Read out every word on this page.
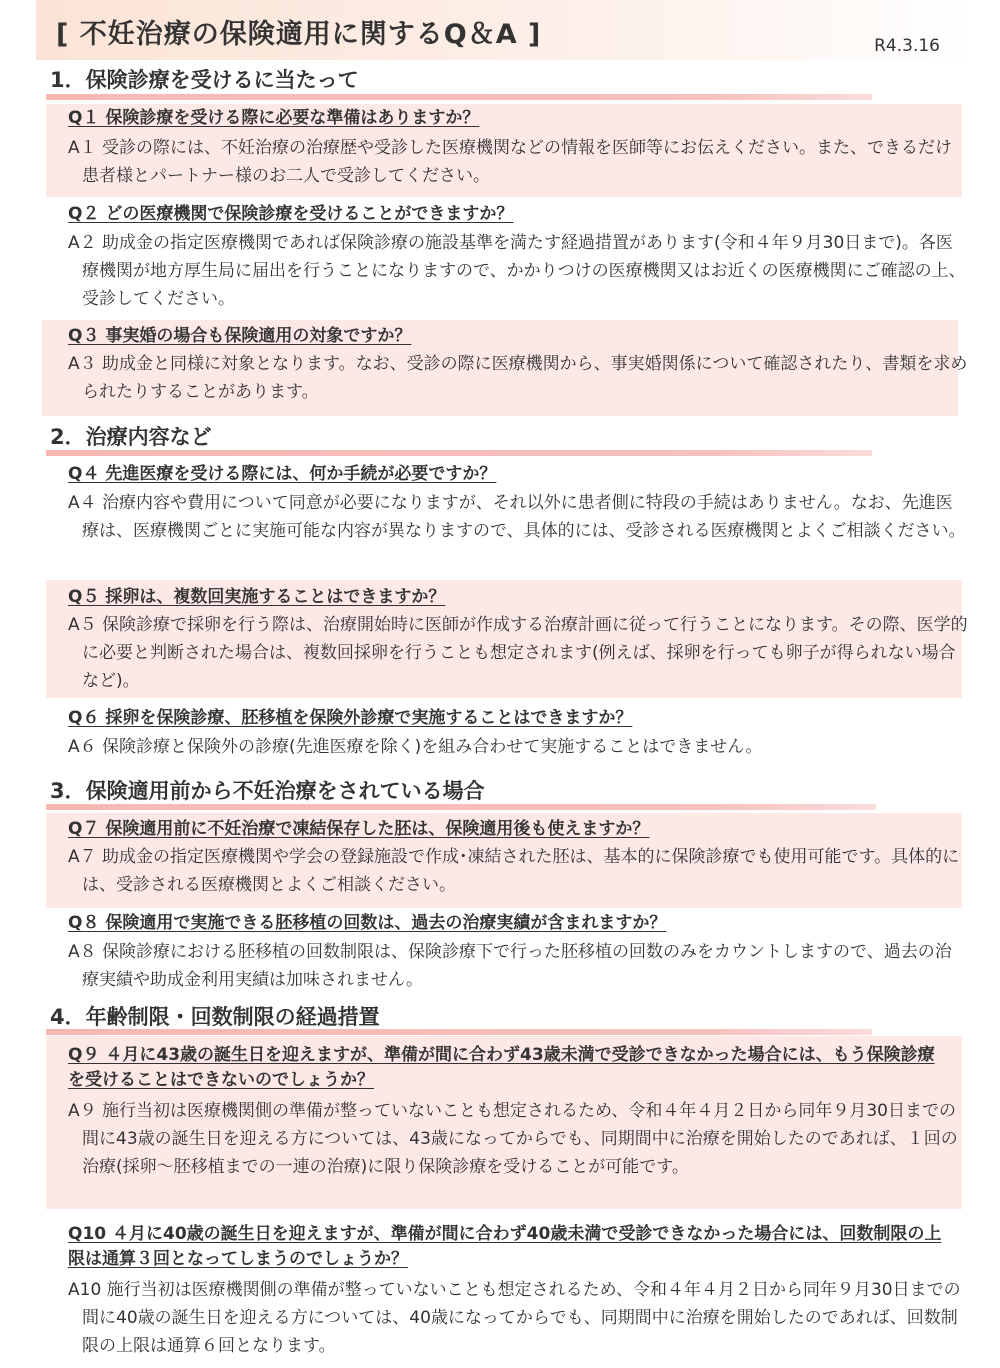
[ 不妊治療の保険適用に関するQ＆A ]	R4.3.16
1．保険診療を受けるに当たって
Q１ 保険診療を受ける際に必要な準備はありますか？
A１ 受診の際には、不妊治療の治療歴や受診した医療機関などの情報を医師等にお伝えください。また、できるだけ患者様とパートナー様のお二人で受診してください。
Q２ どの医療機関で保険診療を受けることができますか？
A２ 助成金の指定医療機関であれば保険診療の施設基準を満たす経過措置があります(令和４年９月30日まで)。各医療機関が地方厚生局に届出を行うことになりますので、かかりつけの医療機関又はお近くの医療機関にご確認の上、受診してください。
Q３ 事実婚の場合も保険適用の対象ですか？
A３ 助成金と同様に対象となります。なお、受診の際に医療機関から、事実婚関係について確認されたり、書類を求められたりすることがあります。
2．治療内容など
Q４ 先進医療を受ける際には、何か手続が必要ですか？
A４ 治療内容や費用について同意が必要になりますが、それ以外に患者側に特段の手続はありません。なお、先進医療は、医療機関ごとに実施可能な内容が異なりますので、具体的には、受診される医療機関とよくご相談ください。
Q５ 採卵は、複数回実施することはできますか？
A５ 保険診療で採卵を行う際は、治療開始時に医師が作成する治療計画に従って行うことになります。その際、医学的に必要と判断された場合は、複数回採卵を行うことも想定されます(例えば、採卵を行っても卵子が得られない場合など)。
Q６ 採卵を保険診療、胚移植を保険外診療で実施することはできますか？
A６ 保険診療と保険外の診療(先進医療を除く)を組み合わせて実施することはできません。
3．保険適用前から不妊治療をされている場合
Q７ 保険適用前に不妊治療で凍結保存した胚は、保険適用後も使えますか？
A７ 助成金の指定医療機関や学会の登録施設で作成･凍結された胚は、基本的に保険診療でも使用可能です。具体的には、受診される医療機関とよくご相談ください。
Q８ 保険適用で実施できる胚移植の回数は、過去の治療実績が含まれますか？
A８ 保険診療における胚移植の回数制限は、保険診療下で行った胚移植の回数のみをカウントしますので、過去の治療実績や助成金利用実績は加味されません。
4．年齢制限・回数制限の経過措置
Q９ ４月に43歳の誕生日を迎えますが、準備が間に合わず43歳未満で受診できなかった場合には、もう保険診療を受けることはできないのでしょうか？
A９ 施行当初は医療機関側の準備が整っていないことも想定されるため、令和４年４月２日から同年９月30日までの間に43歳の誕生日を迎える方については、43歳になってからでも、同期間中に治療を開始したのであれば、１回の治療(採卵～胚移植までの一連の治療)に限り保険診療を受けることが可能です。
Q10 ４月に40歳の誕生日を迎えますが、準備が間に合わず40歳未満で受診できなかった場合には、回数制限の上限は通算３回となってしまうのでしょうか？
A10 施行当初は医療機関側の準備が整っていないことも想定されるため、令和４年４月２日から同年９月30日までの間に40歳の誕生日を迎える方については、40歳になってからでも、同期間中に治療を開始したのであれば、回数制限の上限は通算６回となります。
